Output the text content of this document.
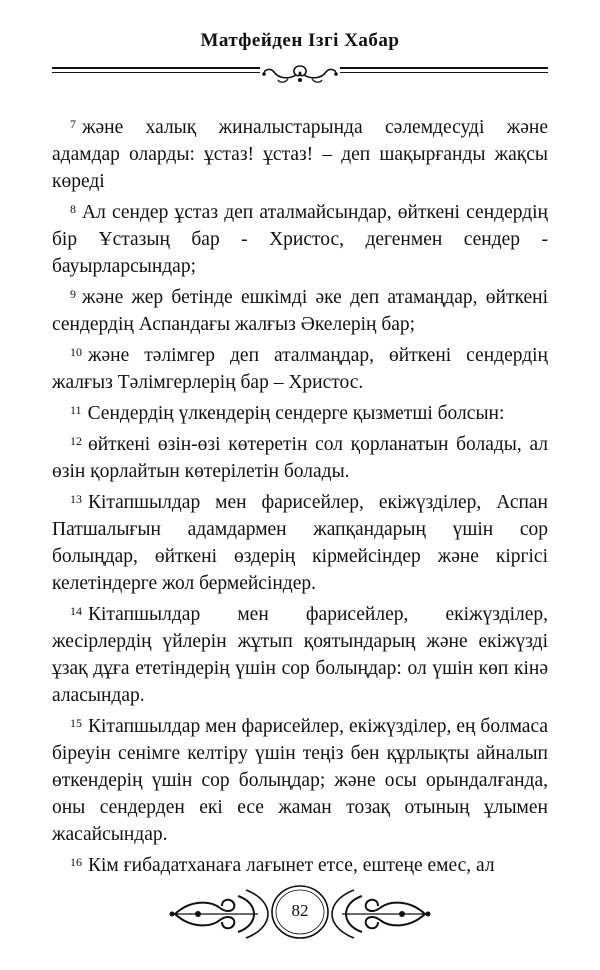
Матфейден Ізгі Хабар

$^7$ және халық жиналыстарында сәлемдесуді және адамдар оларды: ұстаз! ұстаз! – деп шақырғанды жақсы көреді

$^8$ Ал сендер ұстаз деп аталмайсындар, өйткені сендердің бір Ұстазың бар - Христос, дегенмен сендер - бауырларсындар;

$^9$ және жер бетінде ешкімді әке деп атамаңдар, өйткені сендердің Аспандағы жалғыз Әкелерің бар;

$^{10}$ және тәлімгер деп аталмаңдар, өйткені сендердің жалғыз Тәлімгерлерің бар – Христос.

$^{11}$ Сендердің үлкендерің сендерге қызметші болсын:

$^{12}$ өйткені өзін-өзі көтеретін сол қорланатын болады, ал өзін қорлайтын көтерілетін болады.

$^{13}$ Кітапшылдар мен фарисейлер, екіжүзділер, Аспан Патшалығын адамдармен жапқандарың үшін сор болыңдар, өйткені өздерің кірмейсіндер және кіргісі келетіндерге жол бермейсіндер.

$^{14}$ Кітапшылдар мен фарисейлер, екіжүзділер, жесірлердің үйлерін жұтып қоятындарың және екіжүзді ұзақ дұға ететіндерің үшін сор болыңдар: ол үшін көп кінә аласындар.

$^{15}$ Кітапшылдар мен фарисейлер, екіжүзділер, ең болмаса біреуін сенімге келтіру үшін теңіз бен құрлықты айналып өткендерің үшін сор болыңдар; және осы орындалғанда, оны сендерден екі есе жаман тозақ отының ұлымен жасайсындар.

$^{16}$ Кім ғибадатханаға лағынет етсе, ештеңе емес, ал

82
